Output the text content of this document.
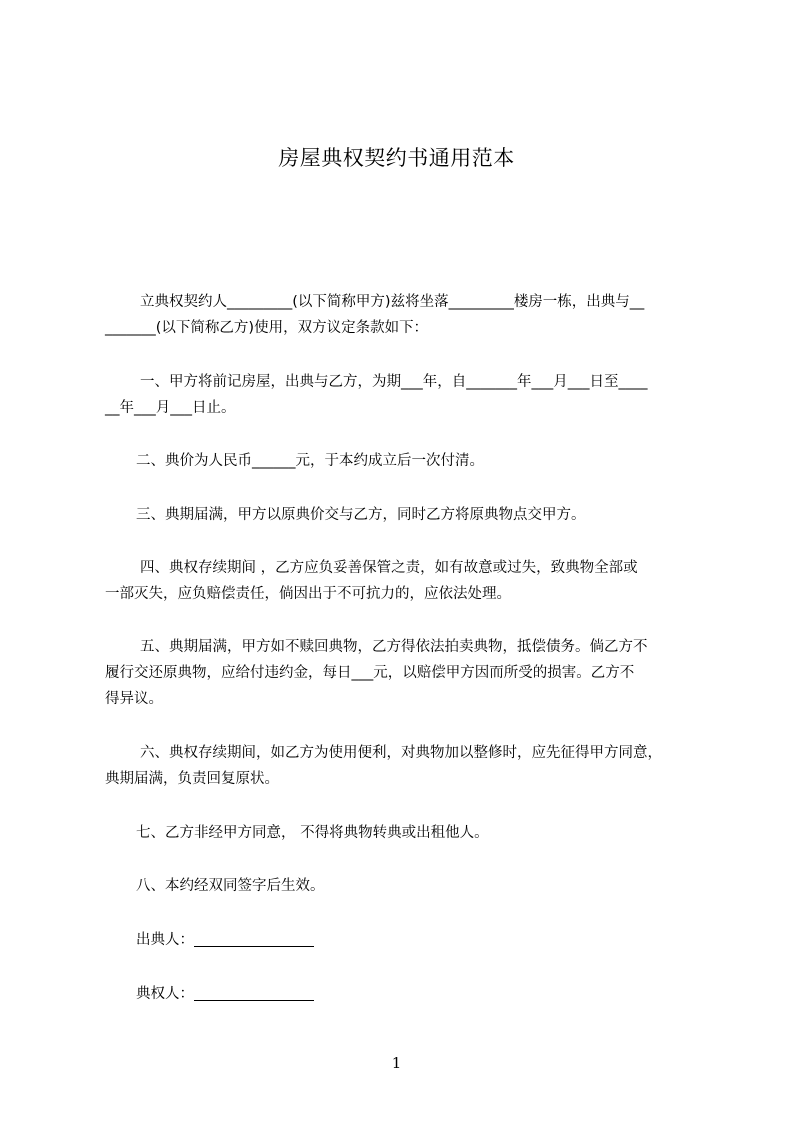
房屋典权契约书通用范本

立典权契约人_________(以下简称甲方)兹将坐落_________楼房一栋，出典与__
_______(以下简称乙方)使用，双方议定条款如下：

一、甲方将前记房屋，出典与乙方，为期___年，自_______年___月___日至____
__年___月___日止。

二、典价为人民币______元，于本约成立后一次付清。

三、典期届满，甲方以原典价交与乙方，同时乙方将原典物点交甲方。

四、典权存续期间 ，乙方应负妥善保管之责，如有故意或过失，致典物全部或
一部灭失，应负赔偿责任，倘因出于不可抗力的，应依法处理。

五、典期届满，甲方如不赎回典物，乙方得依法拍卖典物，抵偿债务。倘乙方不
履行交还原典物，应给付违约金，每日___元，以赔偿甲方因而所受的损害。乙方不
得异议。

六、典权存续期间，如乙方为使用便利，对典物加以整修时，应先征得甲方同意，
典期届满，负责回复原状。

七、乙方非经甲方同意， 不得将典物转典或出租他人。

八、本约经双同签字后生效。

出典人：
典权人：
1
